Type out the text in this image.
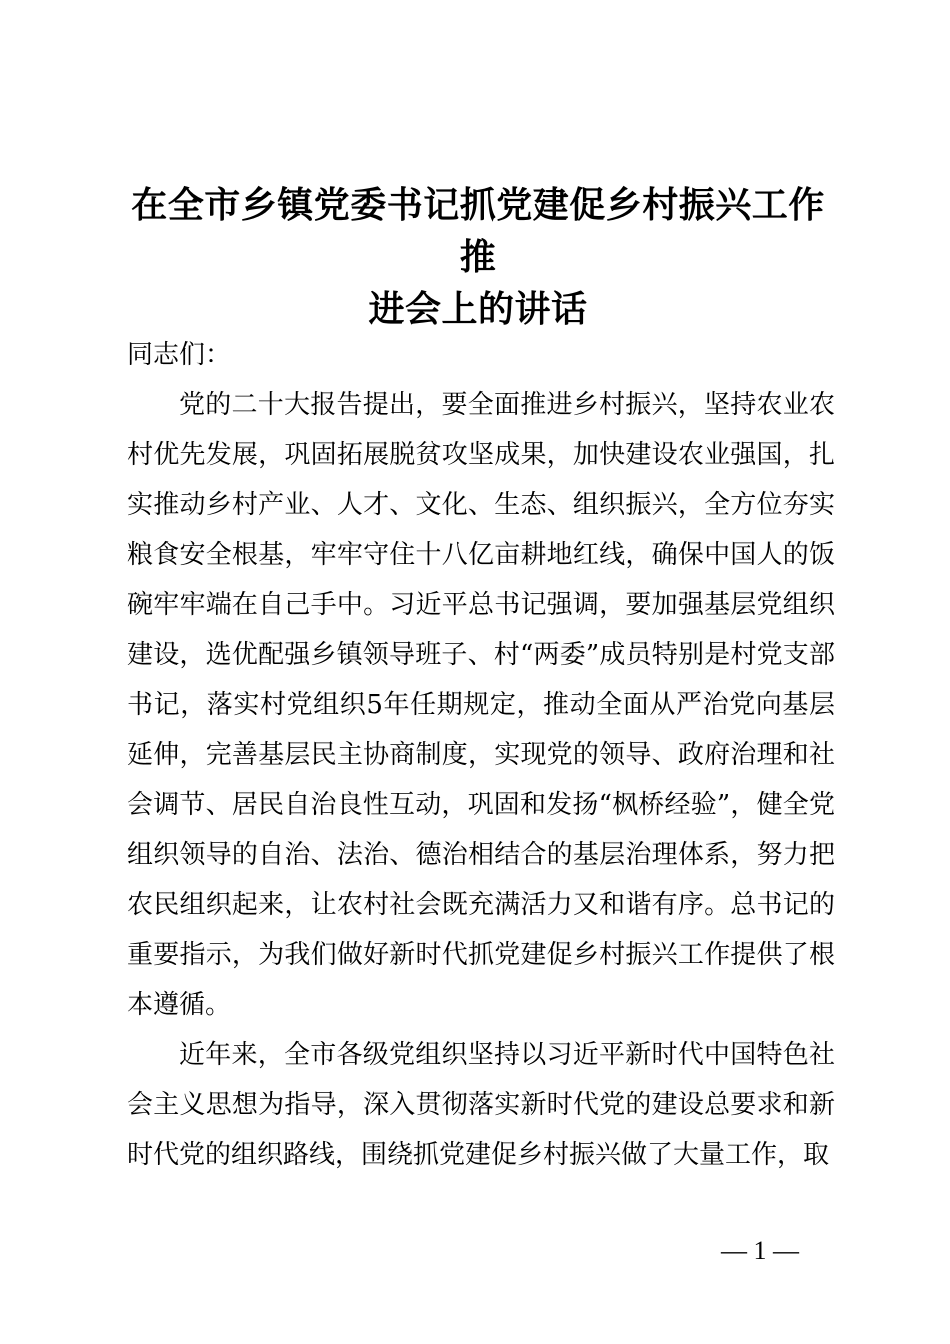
在全市乡镇党委书记抓党建促乡村振兴工作推
进会上的讲话

同志们：

党的二十大报告提出，要全面推进乡村振兴，坚持农业农村优先发展，巩固拓展脱贫攻坚成果，加快建设农业强国，扎实推动乡村产业、人才、文化、生态、组织振兴，全方位夯实粮食安全根基，牢牢守住十八亿亩耕地红线，确保中国人的饭碗牢牢端在自己手中。习近平总书记强调，要加强基层党组织建设，选优配强乡镇领导班子、村“两委”成员特别是村党支部书记，落实村党组织5年任期规定，推动全面从严治党向基层延伸，完善基层民主协商制度，实现党的领导、政府治理和社会调节、居民自治良性互动，巩固和发扬“枫桥经验”，健全党组织领导的自治、法治、德治相结合的基层治理体系，努力把农民组织起来，让农村社会既充满活力又和谐有序。总书记的重要指示，为我们做好新时代抓党建促乡村振兴工作提供了根本遵循。

近年来，全市各级党组织坚持以习近平新时代中国特色社会主义思想为指导，深入贯彻落实新时代党的建设总要求和新时代党的组织路线，围绕抓党建促乡村振兴做了大量工作，取

— 1 —
